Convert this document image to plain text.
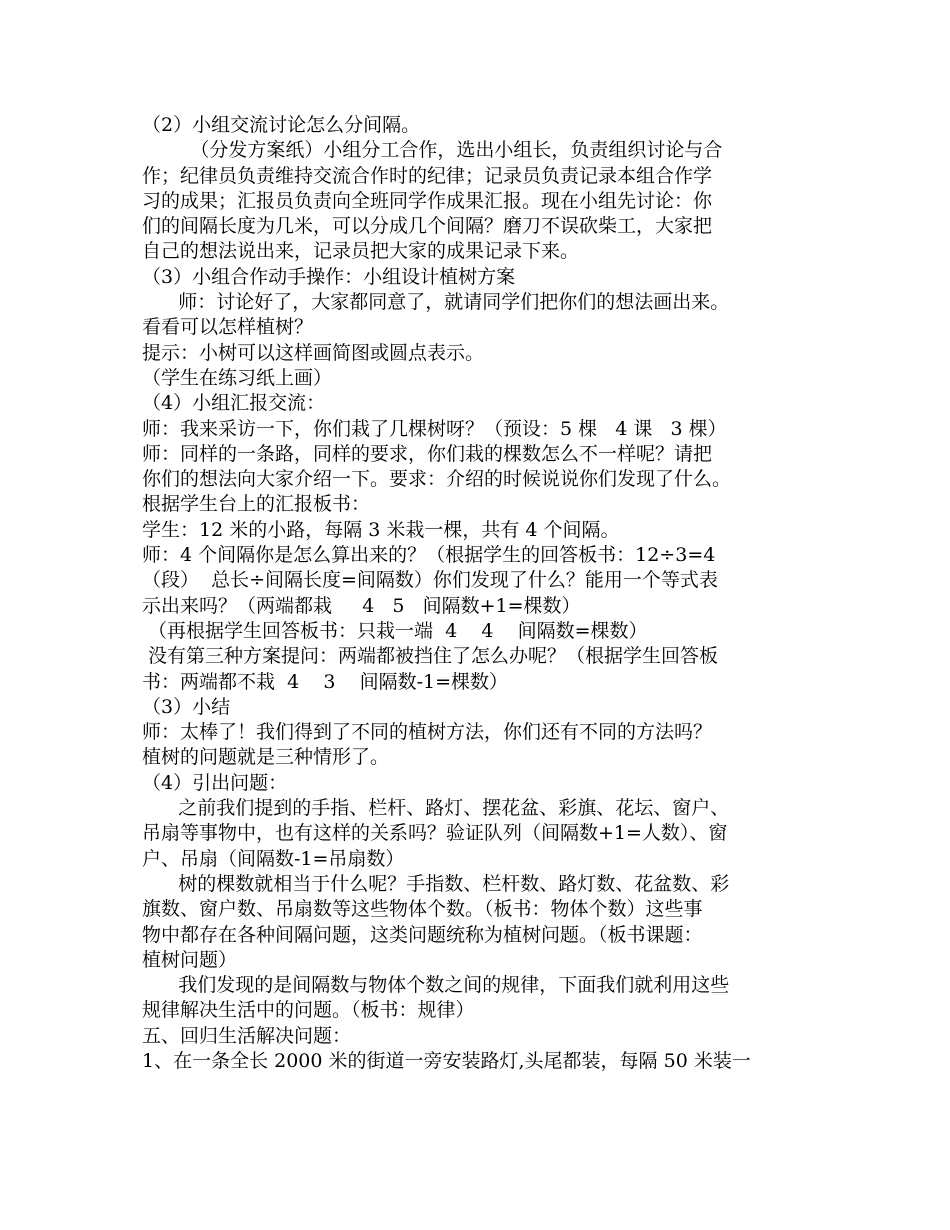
（2）小组交流讨论怎么分间隔。
（分发方案纸）小组分工合作，选出小组长，负责组织讨论与合
作；纪律员负责维持交流合作时的纪律；记录员负责记录本组合作学
习的成果；汇报员负责向全班同学作成果汇报。现在小组先讨论：你
们的间隔长度为几米，可以分成几个间隔？磨刀不误砍柴工，大家把
自己的想法说出来，记录员把大家的成果记录下来。
（3）小组合作动手操作：小组设计植树方案
师：讨论好了，大家都同意了，就请同学们把你们的想法画出来。
看看可以怎样植树？
提示：小树可以这样画简图或圆点表示。
（学生在练习纸上画）
（4）小组汇报交流：
师：我来采访一下，你们栽了几棵树呀？（预设：5 棵   4 课   3 棵）
师：同样的一条路，同样的要求，你们栽的棵数怎么不一样呢？请把
你们的想法向大家介绍一下。要求：介绍的时候说说你们发现了什么。
根据学生台上的汇报板书：
学生：12 米的小路，每隔 3 米栽一棵，共有 4 个间隔。
师：4 个间隔你是怎么算出来的？（根据学生的回答板书：12÷3=4
（段）  总长÷间隔长度=间隔数）你们发现了什么？能用一个等式表
示出来吗？（两端都栽     4   5   间隔数+1=棵数）
（再根据学生回答板书：只栽一端  4    4    间隔数=棵数）
没有第三种方案提问：两端都被挡住了怎么办呢？（根据学生回答板
书：两端都不栽  4    3    间隔数-1=棵数）
（3）小结
师：太棒了！我们得到了不同的植树方法，你们还有不同的方法吗？
植树的问题就是三种情形了。
（4）引出问题：
之前我们提到的手指、栏杆、路灯、摆花盆、彩旗、花坛、窗户、
吊扇等事物中，也有这样的关系吗？验证队列（间隔数+1=人数）、窗
户、吊扇（间隔数-1=吊扇数）
树的棵数就相当于什么呢？手指数、栏杆数、路灯数、花盆数、彩
旗数、窗户数、吊扇数等这些物体个数。（板书：物体个数）这些事
物中都存在各种间隔问题，这类问题统称为植树问题。（板书课题：
植树问题）
我们发现的是间隔数与物体个数之间的规律，下面我们就利用这些
规律解决生活中的问题。（板书：规律）
五、回归生活解决问题：
1、在一条全长 2000 米的街道一旁安装路灯,头尾都装，每隔 50 米装一
